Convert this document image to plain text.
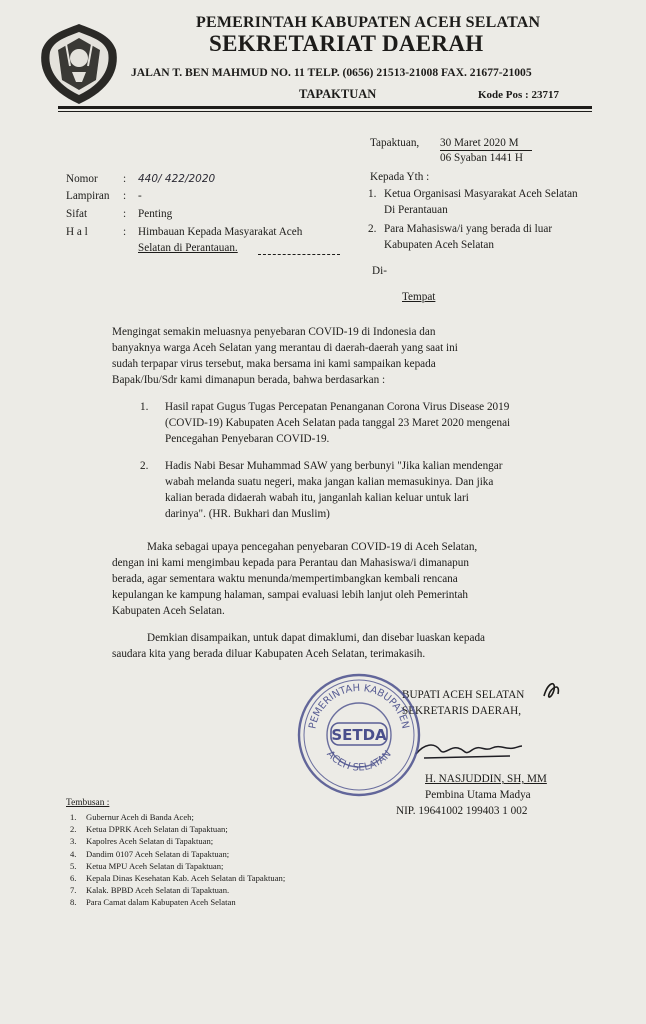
PEMERINTAH KABUPATEN ACEH SELATAN
SEKRETARIAT DAERAH
JALAN T. BEN MAHMUD NO. 11 TELP. (0656) 21513-21008 FAX. 21677-21005
TAPAKTUAN	Kode Pos : 23717
Tapaktuan, 30 Maret 2020 M
06 Syaban 1441 H
Nomor : 440/ 422/2020
Lampiran : -
Sifat	: Penting
H a l	: Himbauan Kepada Masyarakat Aceh
Selatan di Perantauan.
Kepada Yth :
1. Ketua Organisasi Masyarakat Aceh Selatan
Di Perantauan
2. Para Mahasiswa/i yang berada di luar
Kabupaten Aceh Selatan
Di-
Tempat
Mengingat semakin meluasnya penyebaran COVID-19 di Indonesia dan
banyaknya warga Aceh Selatan yang merantau di daerah-daerah yang saat ini
sudah terpapar virus tersebut, maka bersama ini kami sampaikan kepada
Bapak/Ibu/Sdr kami dimanapun berada, bahwa berdasarkan :
1. Hasil rapat Gugus Tugas Percepatan Penanganan Corona Virus Disease 2019
(COVID-19) Kabupaten Aceh Selatan pada tanggal 23 Maret 2020 mengenai
Pencegahan Penyebaran COVID-19.
2. Hadis Nabi Besar Muhammad SAW yang berbunyi "Jika kalian mendengar
wabah melanda suatu negeri, maka jangan kalian memasukinya. Dan jika
kalian berada didaerah wabah itu, janganlah kalian keluar untuk lari
darinya". (HR. Bukhari dan Muslim)
Maka sebagai upaya pencegahan penyebaran COVID-19 di Aceh Selatan,
dengan ini kami mengimbau kepada para Perantau dan Mahasiswa/i dimanapun
berada, agar sementara waktu menunda/mempertimbangkan kembali rencana
kepulangan ke kampung halaman, sampai evaluasi lebih lanjut oleh Pemerintah
Kabupaten Aceh Selatan.
Demkian disampaikan, untuk dapat dimaklumi, dan disebar luaskan kepada
saudara kita yang berada diluar Kabupaten Aceh Selatan, terimakasih.
BUPATI ACEH SELATAN
SEKRETARIS DAERAH,
H. NASJUDDIN, SH, MM
Pembina Utama Madya
NIP. 19641002 199403 1 002
PEMERINTAH KABUPATEN
ACEH SELATAN
SETDA
Tembusan :
1. Gubernur Aceh di Banda Aceh;
2. Ketua DPRK Aceh Selatan di Tapaktuan;
3. Kapolres Aceh Selatan di Tapaktuan;
4. Dandim 0107 Aceh Selatan di Tapaktuan;
5. Ketua MPU Aceh Selatan di Tapaktuan;
6. Kepala Dinas Kesehatan Kab. Aceh Selatan di Tapaktuan;
7. Kalak. BPBD Aceh Selatan di Tapaktuan.
8. Para Camat dalam Kabupaten Aceh Selatan
